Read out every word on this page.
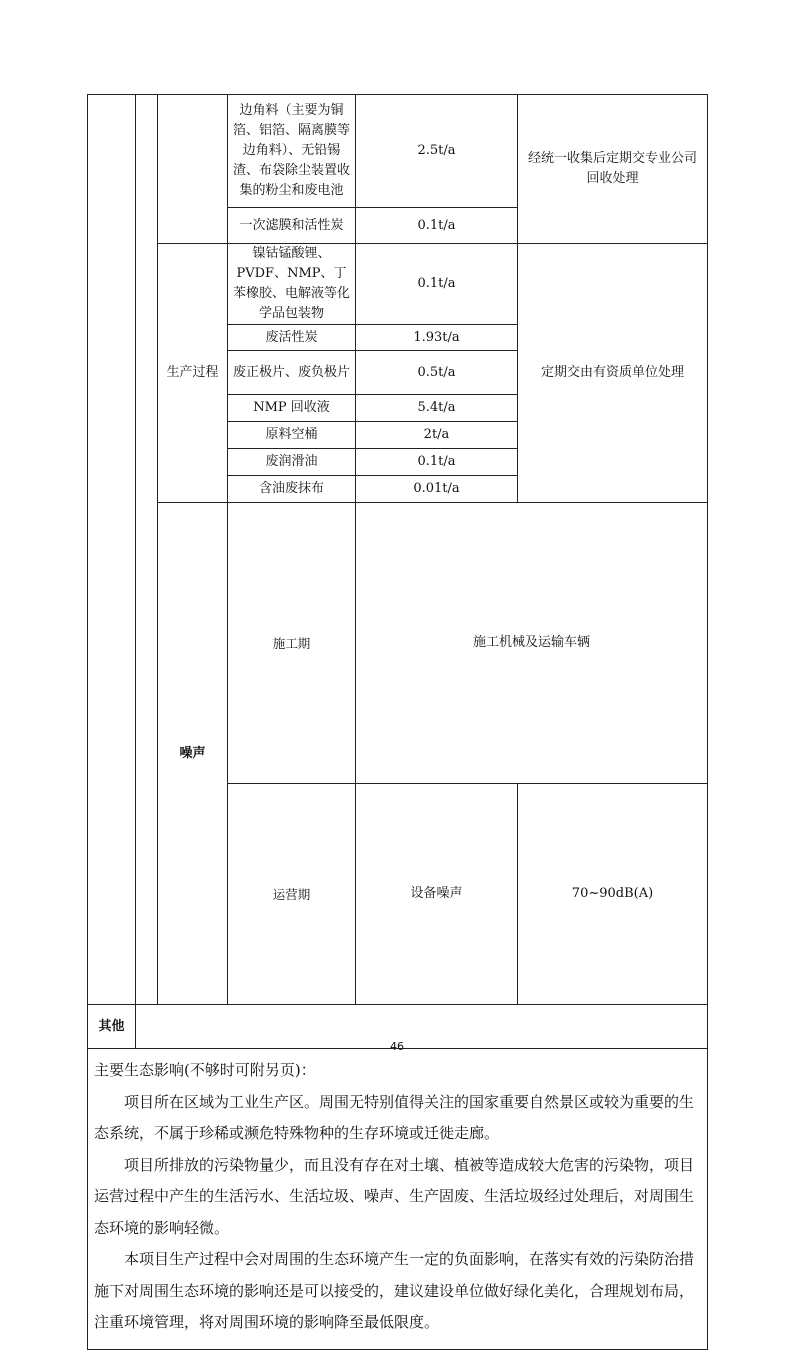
			边角料（主要为铜箔、铝箔、隔离膜等边角料）、无铅锡渣、布袋除尘装置收集的粉尘和废电池	2.5t/a	经统一收集后定期交专业公司回收处理	
			一次滤膜和活性炭	0.1t/a		
		生产过程	镍钴锰酸锂、PVDF、NMP、丁苯橡胶、电解液等化学品包装物	0.1t/a	定期交由有资质单位处理	
			废活性炭	1.93t/a		
			废正极片、废负极片	0.5t/a		
			NMP 回收液	5.4t/a		
			原料空桶	2t/a		
			废润滑油	0.1t/a		
			含油废抹布	0.01t/a		
		噪声	施工期	施工机械及运输车辆		
			运营期	设备噪声	70~90dB(A)	
其他						

主要生态影响(不够时可附另页)：
项目所在区域为工业生产区。周围无特别值得关注的国家重要自然景区或较为重要的生态系统，不属于珍稀或濒危特殊物种的生存环境或迁徙走廊。
项目所排放的污染物量少，而且没有存在对土壤、植被等造成较大危害的污染物，项目运营过程中产生的生活污水、生活垃圾、噪声、生产固废、生活垃圾经过处理后，对周围生态环境的影响轻微。
本项目生产过程中会对周围的生态环境产生一定的负面影响，在落实有效的污染防治措施下对周围生态环境的影响还是可以接受的，建议建设单位做好绿化美化，合理规划布局，注重环境管理，将对周围环境的影响降至最低限度。						
46
